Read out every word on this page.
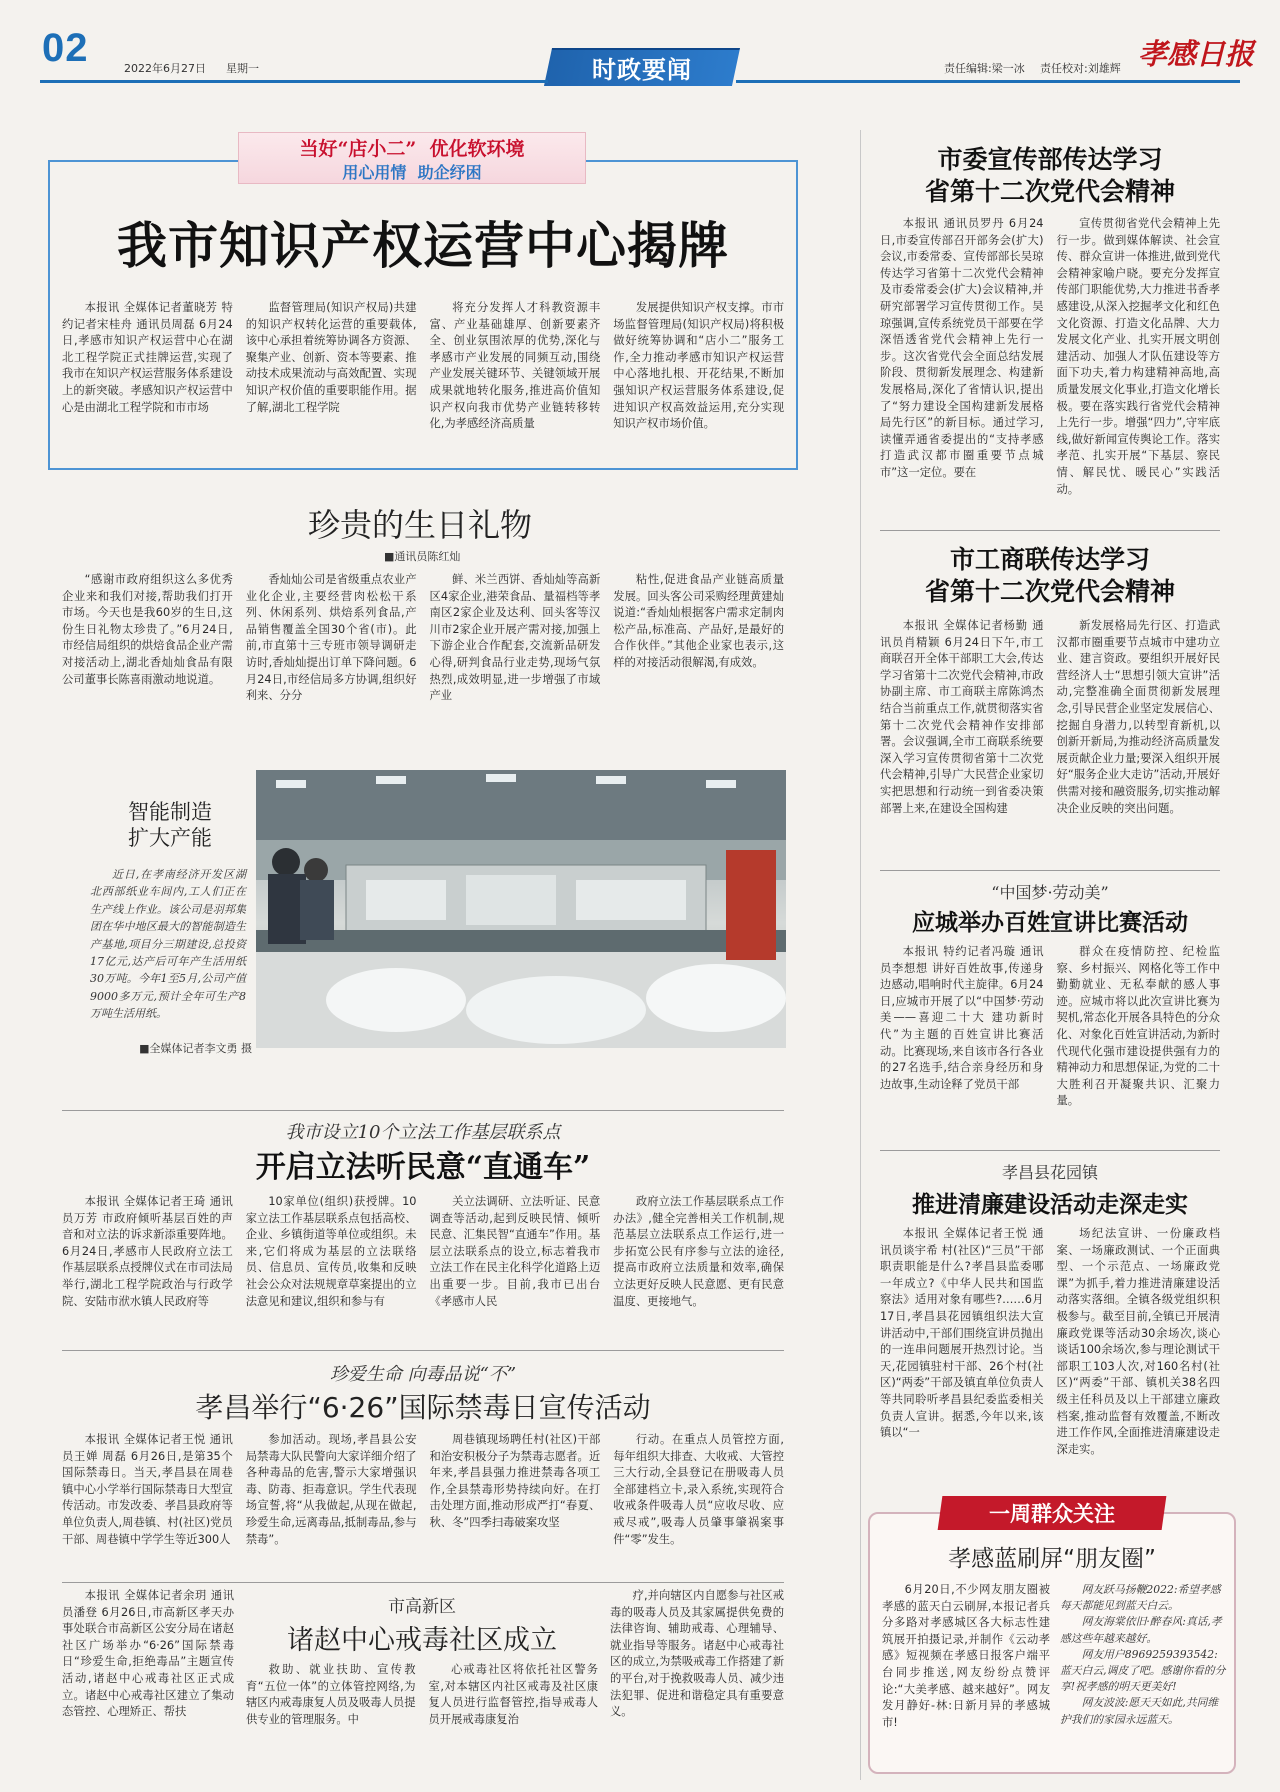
02	2022年6月27日 星期一	时政要闻	责任编辑:梁一冰 责任校对:刘雄辉 孝感日报
当好“店小二”  优化软环境
用心用情  助企纾困
我市知识产权运营中心揭牌

本报讯 全媒体记者董晓芳 特约记者宋桂舟 通讯员周磊 6月24日,孝感市知识产权运营中心在湖北工程学院正式挂牌运营,实现了我市在知识产权运营服务体系建设上的新突破。孝感知识产权运营中心是由湖北工程学院和市市场

监督管理局(知识产权局)共建的知识产权转化运营的重要载体,该中心承担着统筹协调各方资源、聚集产业、创新、资本等要素、推动技术成果流动与高效配置、实现知识产权价值的重要职能作用。据了解,湖北工程学院

将充分发挥人才科教资源丰富、产业基础雄厚、创新要素齐全、创业氛围浓厚的优势,深化与孝感市产业发展的同频互动,围绕产业发展关键环节、关键领域开展成果就地转化服务,推进高价值知识产权向我市优势产业链转移转化,为孝感经济高质量

发展提供知识产权支撑。市市场监督管理局(知识产权局)将积极做好统筹协调和“店小二”服务工作,全力推动孝感市知识产权运营中心落地扎根、开花结果,不断加强知识产权运营服务体系建设,促进知识产权高效益运用,充分实现知识产权市场价值。

珍贵的生日礼物
■通讯员陈红灿

“感谢市政府组织这么多优秀企业来和我们对接,帮助我们打开市场。今天也是我60岁的生日,这份生日礼物太珍贵了。”6月24日,市经信局组织的烘焙食品企业产需对接活动上,湖北香灿灿食品有限公司董事长陈喜雨激动地说道。

香灿灿公司是省级重点农业产业化企业,主要经营肉松松干系列、休闲系列、烘焙系列食品,产品销售覆盖全国30个省(市)。此前,市直第十三专班市领导调研走访时,香灿灿提出订单下降问题。6月24日,市经信局多方协调,组织好利来、分分

鲜、米兰西饼、香灿灿等高新区4家企业,港荣食品、量福档等孝南区2家企业及达利、回头客等汉川市2家企业开展产需对接,加强上下游企业合作配套,交流新品研发心得,研判食品行业走势,现场气氛热烈,成效明显,进一步增强了市域产业

粘性,促进食品产业链高质量发展。回头客公司采购经理黄建灿说道:“香灿灿根据客户需求定制肉松产品,标准高、产品好,是最好的合作伙伴。”其他企业家也表示,这样的对接活动很解渴,有成效。

智能制造
扩大产能
近日,在孝南经济开发区湖北西部纸业车间内,工人们正在生产线上作业。该公司是羽邦集团在华中地区最大的智能制造生产基地,项目分三期建设,总投资17亿元,达产后可年产生活用纸30万吨。今年1至5月,公司产值9000多万元,预计全年可生产8万吨生活用纸。
■全媒体记者李文勇 摄
我市设立10个立法工作基层联系点
开启立法听民意“直通车”

本报讯 全媒体记者王琦 通讯员万芳 市政府倾听基层百姓的声音和对立法的诉求新添重要阵地。6月24日,孝感市人民政府立法工作基层联系点授牌仪式在市司法局举行,湖北工程学院政治与行政学院、安陆市洑水镇人民政府等

10家单位(组织)获授牌。10家立法工作基层联系点包括高校、企业、乡镇街道等单位或组织。未来,它们将成为基层的立法联络员、信息员、宣传员,收集和反映社会公众对法规规章草案提出的立法意见和建议,组织和参与有

关立法调研、立法听证、民意调查等活动,起到反映民情、倾听民意、汇集民智“直通车”作用。基层立法联系点的设立,标志着我市立法工作在民主化科学化道路上迈出重要一步。目前,我市已出台《孝感市人民

政府立法工作基层联系点工作办法》,健全完善相关工作机制,规范基层立法联系点工作运行,进一步拓宽公民有序参与立法的途径,提高市政府立法质量和效率,确保立法更好反映人民意愿、更有民意温度、更接地气。

珍爱生命 向毒品说“不”
孝昌举行“6·26”国际禁毒日宣传活动

本报讯 全媒体记者王悦 通讯员王婵 周磊 6月26日,是第35个国际禁毒日。当天,孝昌县在周巷镇中心小学举行国际禁毒日大型宣传活动。市发改委、孝昌县政府等单位负责人,周巷镇、村(社区)党员干部、周巷镇中学学生等近300人

参加活动。现场,孝昌县公安局禁毒大队民警向大家详细介绍了各种毒品的危害,警示大家增强识毒、防毒、拒毒意识。学生代表现场宣誓,将“从我做起,从现在做起,珍爱生命,远离毒品,抵制毒品,参与禁毒”。

周巷镇现场聘任村(社区)干部和治安积极分子为禁毒志愿者。近年来,孝昌县强力推进禁毒各项工作,全县禁毒形势持续向好。在打击处理方面,推动形成严打“春夏、秋、冬”四季扫毒破案攻坚

行动。在重点人员管控方面,每年组织大排查、大收戒、大管控三大行动,全县登记在册吸毒人员全部建档立卡,录入系统,实现符合收戒条件吸毒人员“应收尽收、应戒尽戒”,吸毒人员肇事肇祸案事件“零”发生。

本报讯 全媒体记者余玥 通讯员潘登 6月26日,市高新区孝天办事处联合市高新区公安分局在诸赵社区广场举办“6·26”国际禁毒日“珍爱生命,拒绝毒品”主题宣传活动,诸赵中心戒毒社区正式成立。诸赵中心戒毒社区建立了集动态管控、心理矫正、帮扶

市高新区
诸赵中心戒毒社区成立

救助、就业扶助、宣传教育“五位一体”的立体管控网络,为辖区内戒毒康复人员及吸毒人员提供专业的管理服务。中

心戒毒社区将依托社区警务室,对本辖区内社区戒毒及社区康复人员进行监督管控,指导戒毒人员开展戒毒康复治

疗,并向辖区内自愿参与社区戒毒的吸毒人员及其家属提供免费的法律咨询、辅助戒毒、心理辅导、就业指导等服务。诸赵中心戒毒社区的成立,为禁吸戒毒工作搭建了新的平台,对于挽救吸毒人员、减少违法犯罪、促进和谐稳定具有重要意义。

市委宣传部传达学习
省第十二次党代会精神

本报讯 通讯员罗丹 6月24日,市委宣传部召开部务会(扩大)会议,市委常委、宣传部部长吴琼传达学习省第十二次党代会精神及市委常委会(扩大)会议精神,并研究部署学习宣传贯彻工作。吴琼强调,宣传系统党员干部要在学深悟透省党代会精神上先行一步。这次省党代会全面总结发展阶段、贯彻新发展理念、构建新发展格局,深化了省情认识,提出了“努力建设全国构建新发展格局先行区”的新目标。通过学习,读懂弄通省委提出的“支持孝感打造武汉都市圈重要节点城市”这一定位。要在

宣传贯彻省党代会精神上先行一步。做到媒体解读、社会宣传、群众宣讲一体推进,做到党代会精神家喻户晓。要充分发挥宣传部门职能优势,大力推进书香孝感建设,从深入挖掘孝文化和红色文化资源、打造文化品牌、大力发展文化产业、扎实开展文明创建活动、加强人才队伍建设等方面下功夫,着力构建精神高地,高质量发展文化事业,打造文化增长极。要在落实践行省党代会精神上先行一步。增强“四力”,守牢底线,做好新闻宣传舆论工作。落实孝范、扎实开展“下基层、察民情、解民忧、暖民心”实践活动。

市工商联传达学习
省第十二次党代会精神

本报讯 全媒体记者杨勤 通讯员肖精颖 6月24日下午,市工商联召开全体干部职工大会,传达学习省第十二次党代会精神,市政协副主席、市工商联主席陈鸿杰结合当前重点工作,就贯彻落实省第十二次党代会精神作安排部署。会议强调,全市工商联系统要深入学习宣传贯彻省第十二次党代会精神,引导广大民营企业家切实把思想和行动统一到省委决策部署上来,在建设全国构建

新发展格局先行区、打造武汉都市圈重要节点城市中建功立业、建言资政。要组织开展好民营经济人士“思想引领大宣讲”活动,完整准确全面贯彻新发展理念,引导民营企业坚定发展信心、挖掘自身潜力,以转型育新机,以创新开新局,为推动经济高质量发展贡献企业力量;要深入组织开展好“服务企业大走访”活动,开展好供需对接和融资服务,切实推动解决企业反映的突出问题。

“中国梦·劳动美”
应城举办百姓宣讲比赛活动

本报讯 特约记者冯璇 通讯员李想想 讲好百姓故事,传递身边感动,唱响时代主旋律。6月24日,应城市开展了以“中国梦·劳动美——喜迎二十大 建功新时代”为主题的百姓宣讲比赛活动。比赛现场,来自该市各行各业的27名选手,结合亲身经历和身边故事,生动诠释了党员干部

群众在疫情防控、纪检监察、乡村振兴、网格化等工作中勤勤就业、无私奉献的感人事迹。应城市将以此次宣讲比赛为契机,常态化开展各具特色的分众化、对象化百姓宣讲活动,为新时代现代化强市建设提供强有力的精神动力和思想保证,为党的二十大胜利召开凝聚共识、汇聚力量。

孝昌县花园镇
推进清廉建设活动走深走实

本报讯 全媒体记者王悦 通讯员谈宇希 村(社区)“三员”干部职责职能是什么?孝昌县监委哪一年成立?《中华人民共和国监察法》适用对象有哪些?……6月17日,孝昌县花园镇组织法大宣讲活动中,干部们围绕宣讲员抛出的一连串问题展开热烈讨论。当天,花园镇驻村干部、26个村(社区)“两委”干部及镇直单位负责人等共同聆听孝昌县纪委监委相关负责人宣讲。据悉,今年以来,该镇以“一

场纪法宣讲、一份廉政档案、一场廉政测试、一个正面典型、一个示范点、一场廉政党课”为抓手,着力推进清廉建设活动落实落细。全镇各级党组织积极参与。截至目前,全镇已开展清廉政党课等活动30余场次,谈心谈话100余场次,参与理论测试干部职工103人次,对160名村(社区)“两委”干部、镇机关38名四级主任科员及以上干部建立廉政档案,推动监督有效覆盖,不断改进工作作风,全面推进清廉建设走深走实。

一周群众关注
孝感蓝刷屏“朋友圈”

6月20日,不少网友朋友圈被孝感的蓝天白云刷屏,本报记者兵分多路对孝感城区各大标志性建筑展开拍摄记录,并制作《云动孝感》短视频在孝感日报客户端平台同步推送,网友纷纷点赞评论:“大美孝感、越来越好”。网友发月静好-林:日新月异的孝感城市!

网友跃马扬鞭2022:希望孝感每天都能见到蓝天白云。

网友海棠依旧·醉春风:真话,孝感这些年越来越好。

网友用户8969259393542:蓝天白云,调皮了吧。感谢你看的分享!祝孝感的明天更美好!

网友波波:愿天天如此,共同维护我们的家园永远蓝天。
